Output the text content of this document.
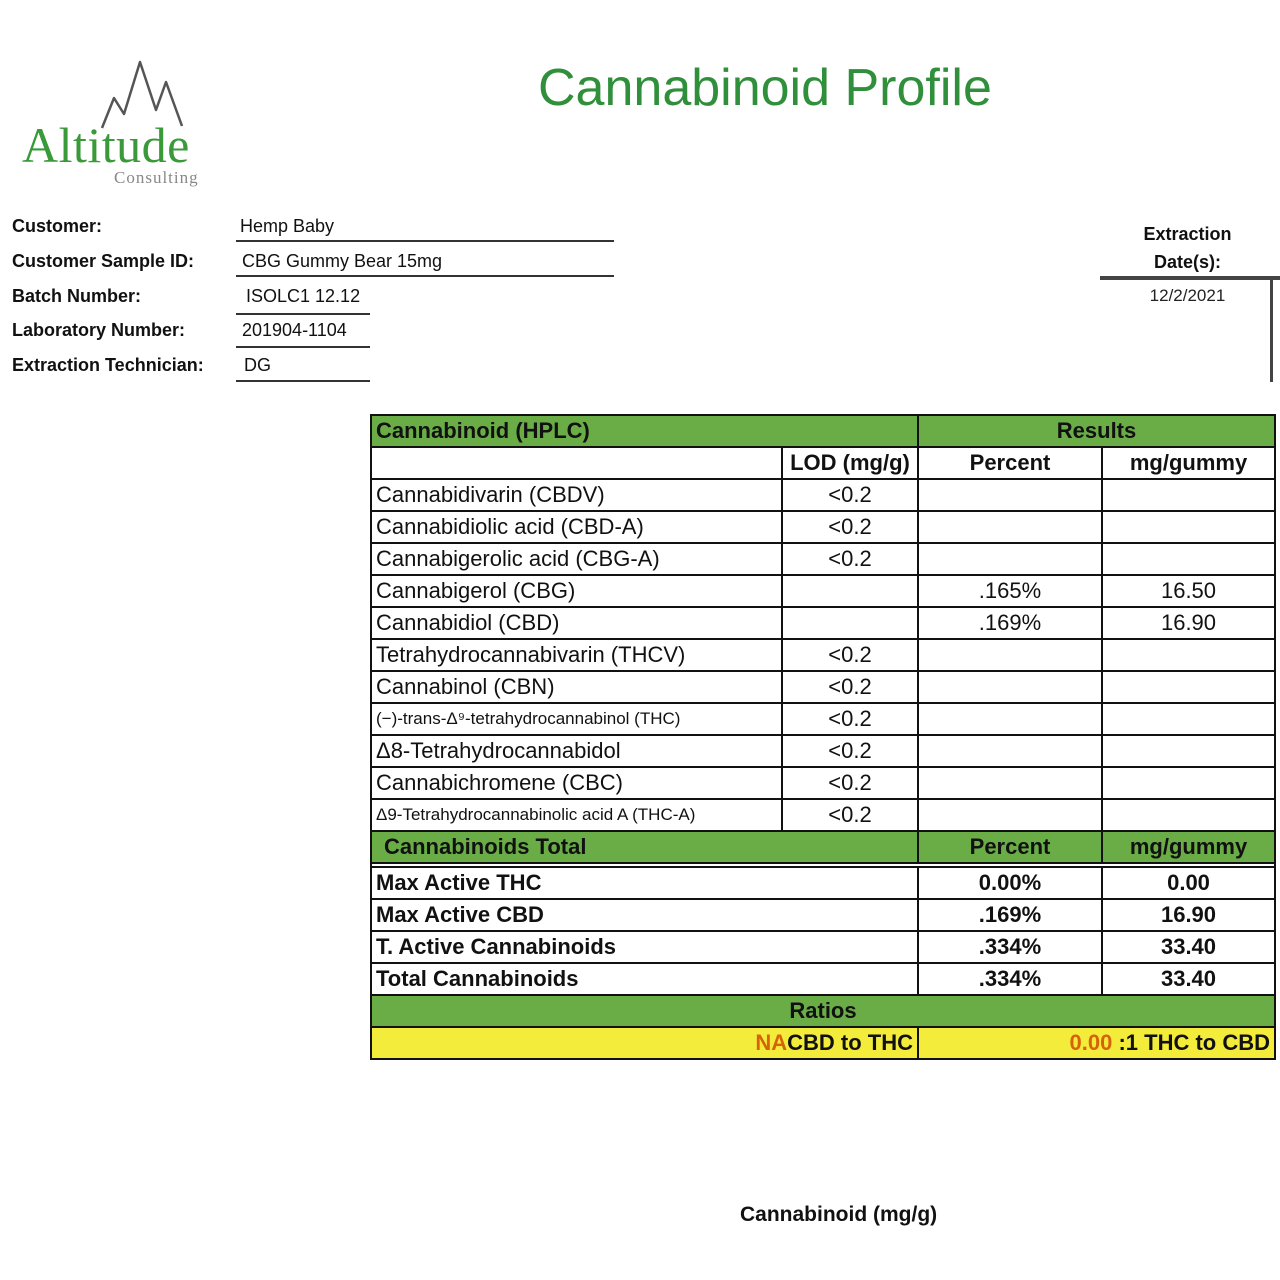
Altitude
Consulting
Cannabinoid Profile
Customer:	Hemp Baby
Customer Sample ID:	CBG Gummy Bear 15mg
Batch Number:	ISOLC1 12.12
Laboratory Number:	201904-1104
Extraction Technician: DG
Extraction
Date(s):
12/2/2021
Cannabinoid (HPLC)		Results	
	LOD (mg/g)	Percent	mg/gummy
Cannabidivarin (CBDV)	<0.2		
Cannabidiolic acid (CBD-A)	<0.2		
Cannabigerolic acid (CBG-A)	<0.2		
Cannabigerol (CBG)		.165%	16.50
Cannabidiol (CBD)		.169%	16.90
Tetrahydrocannabivarin (THCV)	<0.2		
Cannabinol (CBN)	<0.2		
(−)-trans-Δ⁹-tetrahydrocannabinol (THC)	<0.2		
Δ8-Tetrahydrocannabidol	<0.2		
Cannabichromene (CBC)	<0.2		
Δ9-Tetrahydrocannabinolic acid A (THC-A)	<0.2		
Cannabinoids Total		Percent	mg/gummy

Max Active THC		0.00%	0.00
Max Active CBD		.169%	16.90
T. Active Cannabinoids		.334%	33.40
Total Cannabinoids		.334%	33.40
Ratios			
NACBD to THC		0.00 :1 THC to CBD	
Cannabinoid (mg/g)
